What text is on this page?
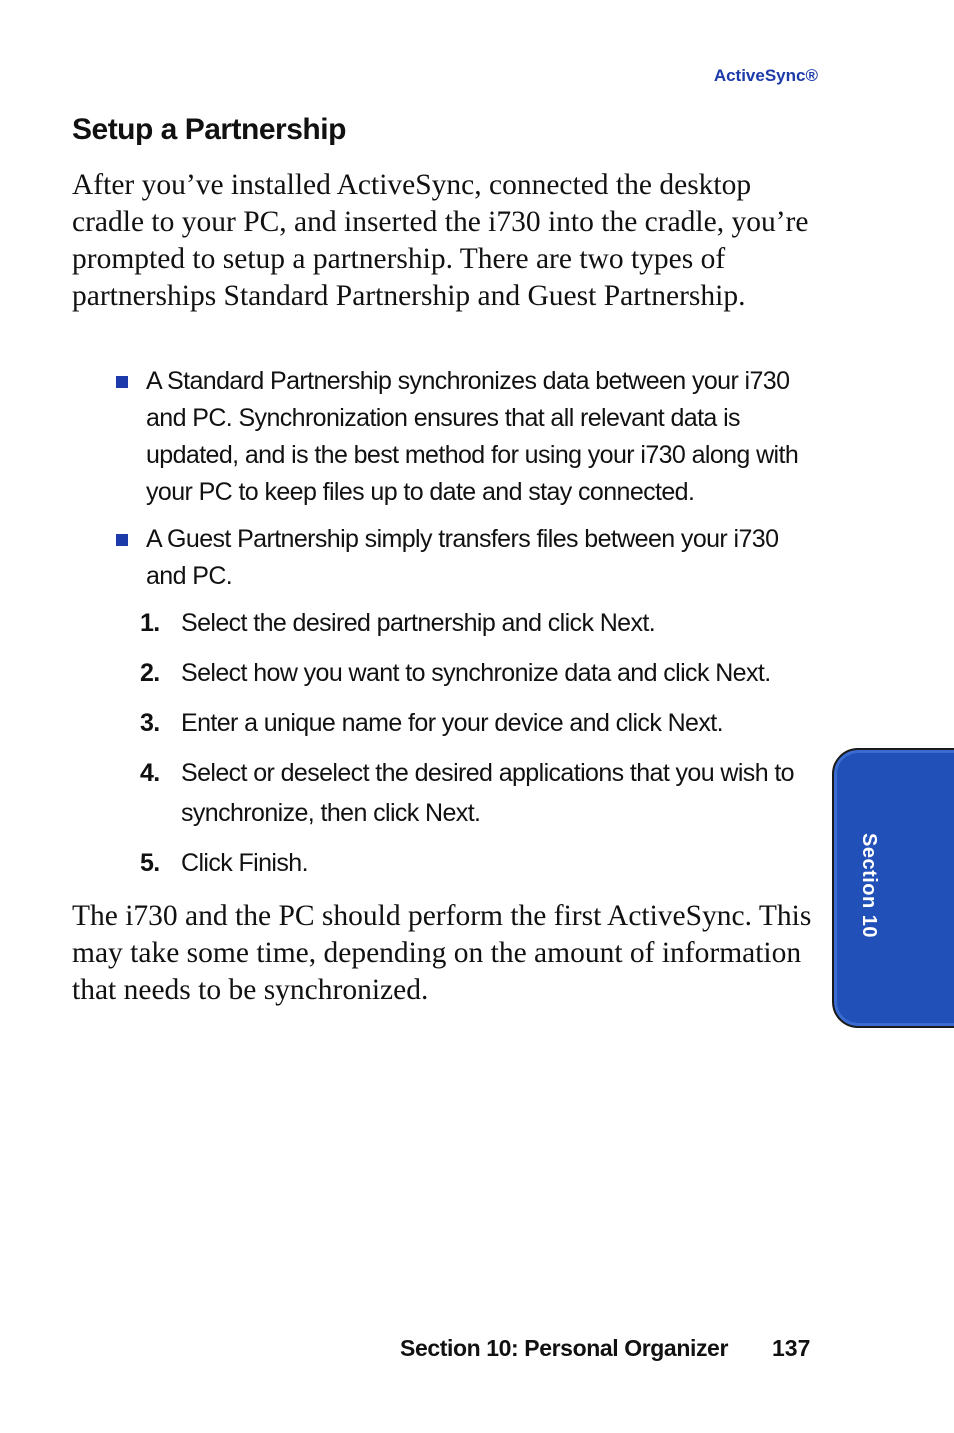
ActiveSync®
Setup a Partnership

After you’ve installed ActiveSync, connected the desktop cradle to your PC, and inserted the i730 into the cradle, you’re prompted to setup a partnership. There are two types of partnerships Standard Partnership and Guest Partnership.

A Standard Partnership synchronizes data between your i730 and PC. Synchronization ensures that all relevant data is updated, and is the best method for using your i730 along with your PC to keep files up to date and stay connected.
A Guest Partnership simply transfers files between your i730 and PC.
1. Select the desired partnership and click Next.
2. Select how you want to synchronize data and click Next.
3. Enter a unique name for your device and click Next.
4. Select or deselect the desired applications that you wish to synchronize, then click Next.
5. Click Finish.

The i730 and the PC should perform the first ActiveSync. This may take some time, depending on the amount of information that needs to be synchronized.

Section 10
Section 10: Personal Organizer 137
